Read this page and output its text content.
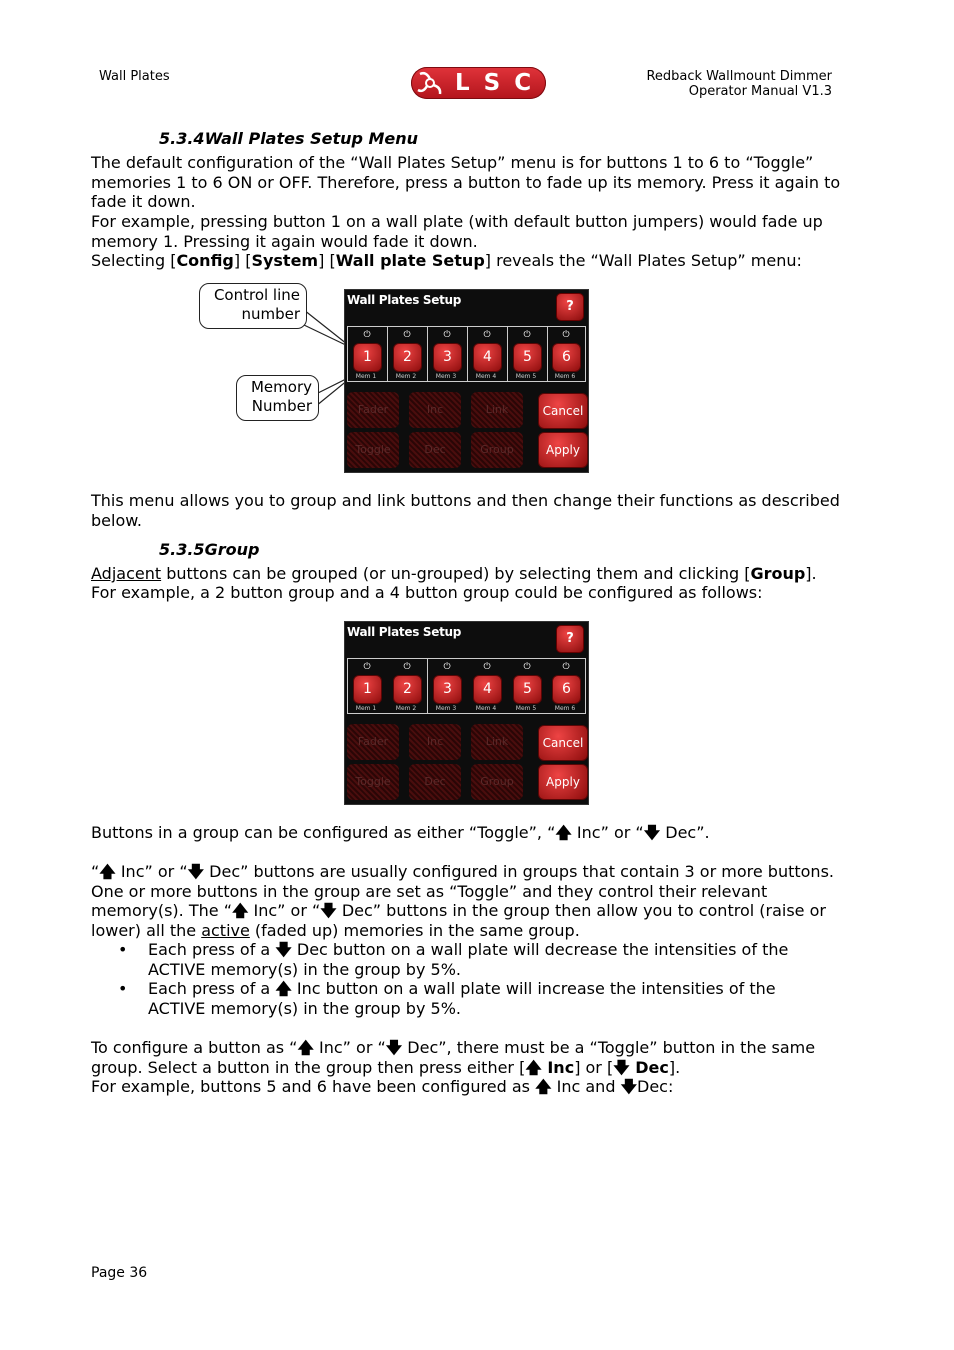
Wall Plates	LSC	Redback Wallmount Dimmer
Operator Manual V1.3
5.3.4Wall Plates Setup Menu

The default configuration of the “Wall Plates Setup” menu is for buttons 1 to 6 to “Toggle” memories 1 to 6 ON or OFF. Therefore, press a button to fade up its memory. Press it again to fade it down.

For example, pressing button 1 on a wall plate (with default button jumpers) would fade up memory 1. Pressing it again would fade it down.

Selecting [Config] [System] [Wall plate Setup] reveals the “Wall Plates Setup” menu:

Control line
number
Memory
Number
Wall Plates Setup	?
⏻	⏻	⏻	⏻	⏻	⏻
1	2	3	4	5	6
Mem 1	Mem 2	Mem 3	Mem 4	Mem 5	Mem 6
Fader	Inc	Link
Toggle	Dec	Group
Cancel
Apply

This menu allows you to group and link buttons and then change their functions as described below.

5.3.5Group

Adjacent buttons can be grouped (or un-grouped) by selecting them and clicking [Group].

For example, a 2 button group and a 4 button group could be configured as follows:

Wall Plates Setup	?
⏻	⏻	⏻	⏻	⏻	⏻
1	2	3	4	5	6
Mem 1	Mem 2	Mem 3	Mem 4	Mem 5	Mem 6
Fader	Inc	Link
Toggle	Dec	Group
Cancel
Apply

Buttons in a group can be configured as either “Toggle”, “🡅 Inc” or “🡇 Dec”.

“🡅 Inc” or “🡇 Dec” buttons are usually configured in groups that contain 3 or more buttons. One or more buttons in the group are set as “Toggle” and they control their relevant memory(s). The “🡅 Inc” or “🡇 Dec” buttons in the group then allow you to control (raise or lower) all the active (faded up) memories in the same group.

• Each press of a 🡇 Dec button on a wall plate will decrease the intensities of the ACTIVE memory(s) in the group by 5%.

• Each press of a 🡅 Inc button on a wall plate will increase the intensities of the ACTIVE memory(s) in the group by 5%.

To configure a button as “🡅 Inc” or “🡇 Dec”, there must be a “Toggle” button in the same group. Select a button in the group then press either [🡅 Inc] or [🡇 Dec].

For example, buttons 5 and 6 have been configured as 🡅 Inc and 🡇Dec:

Page 36
